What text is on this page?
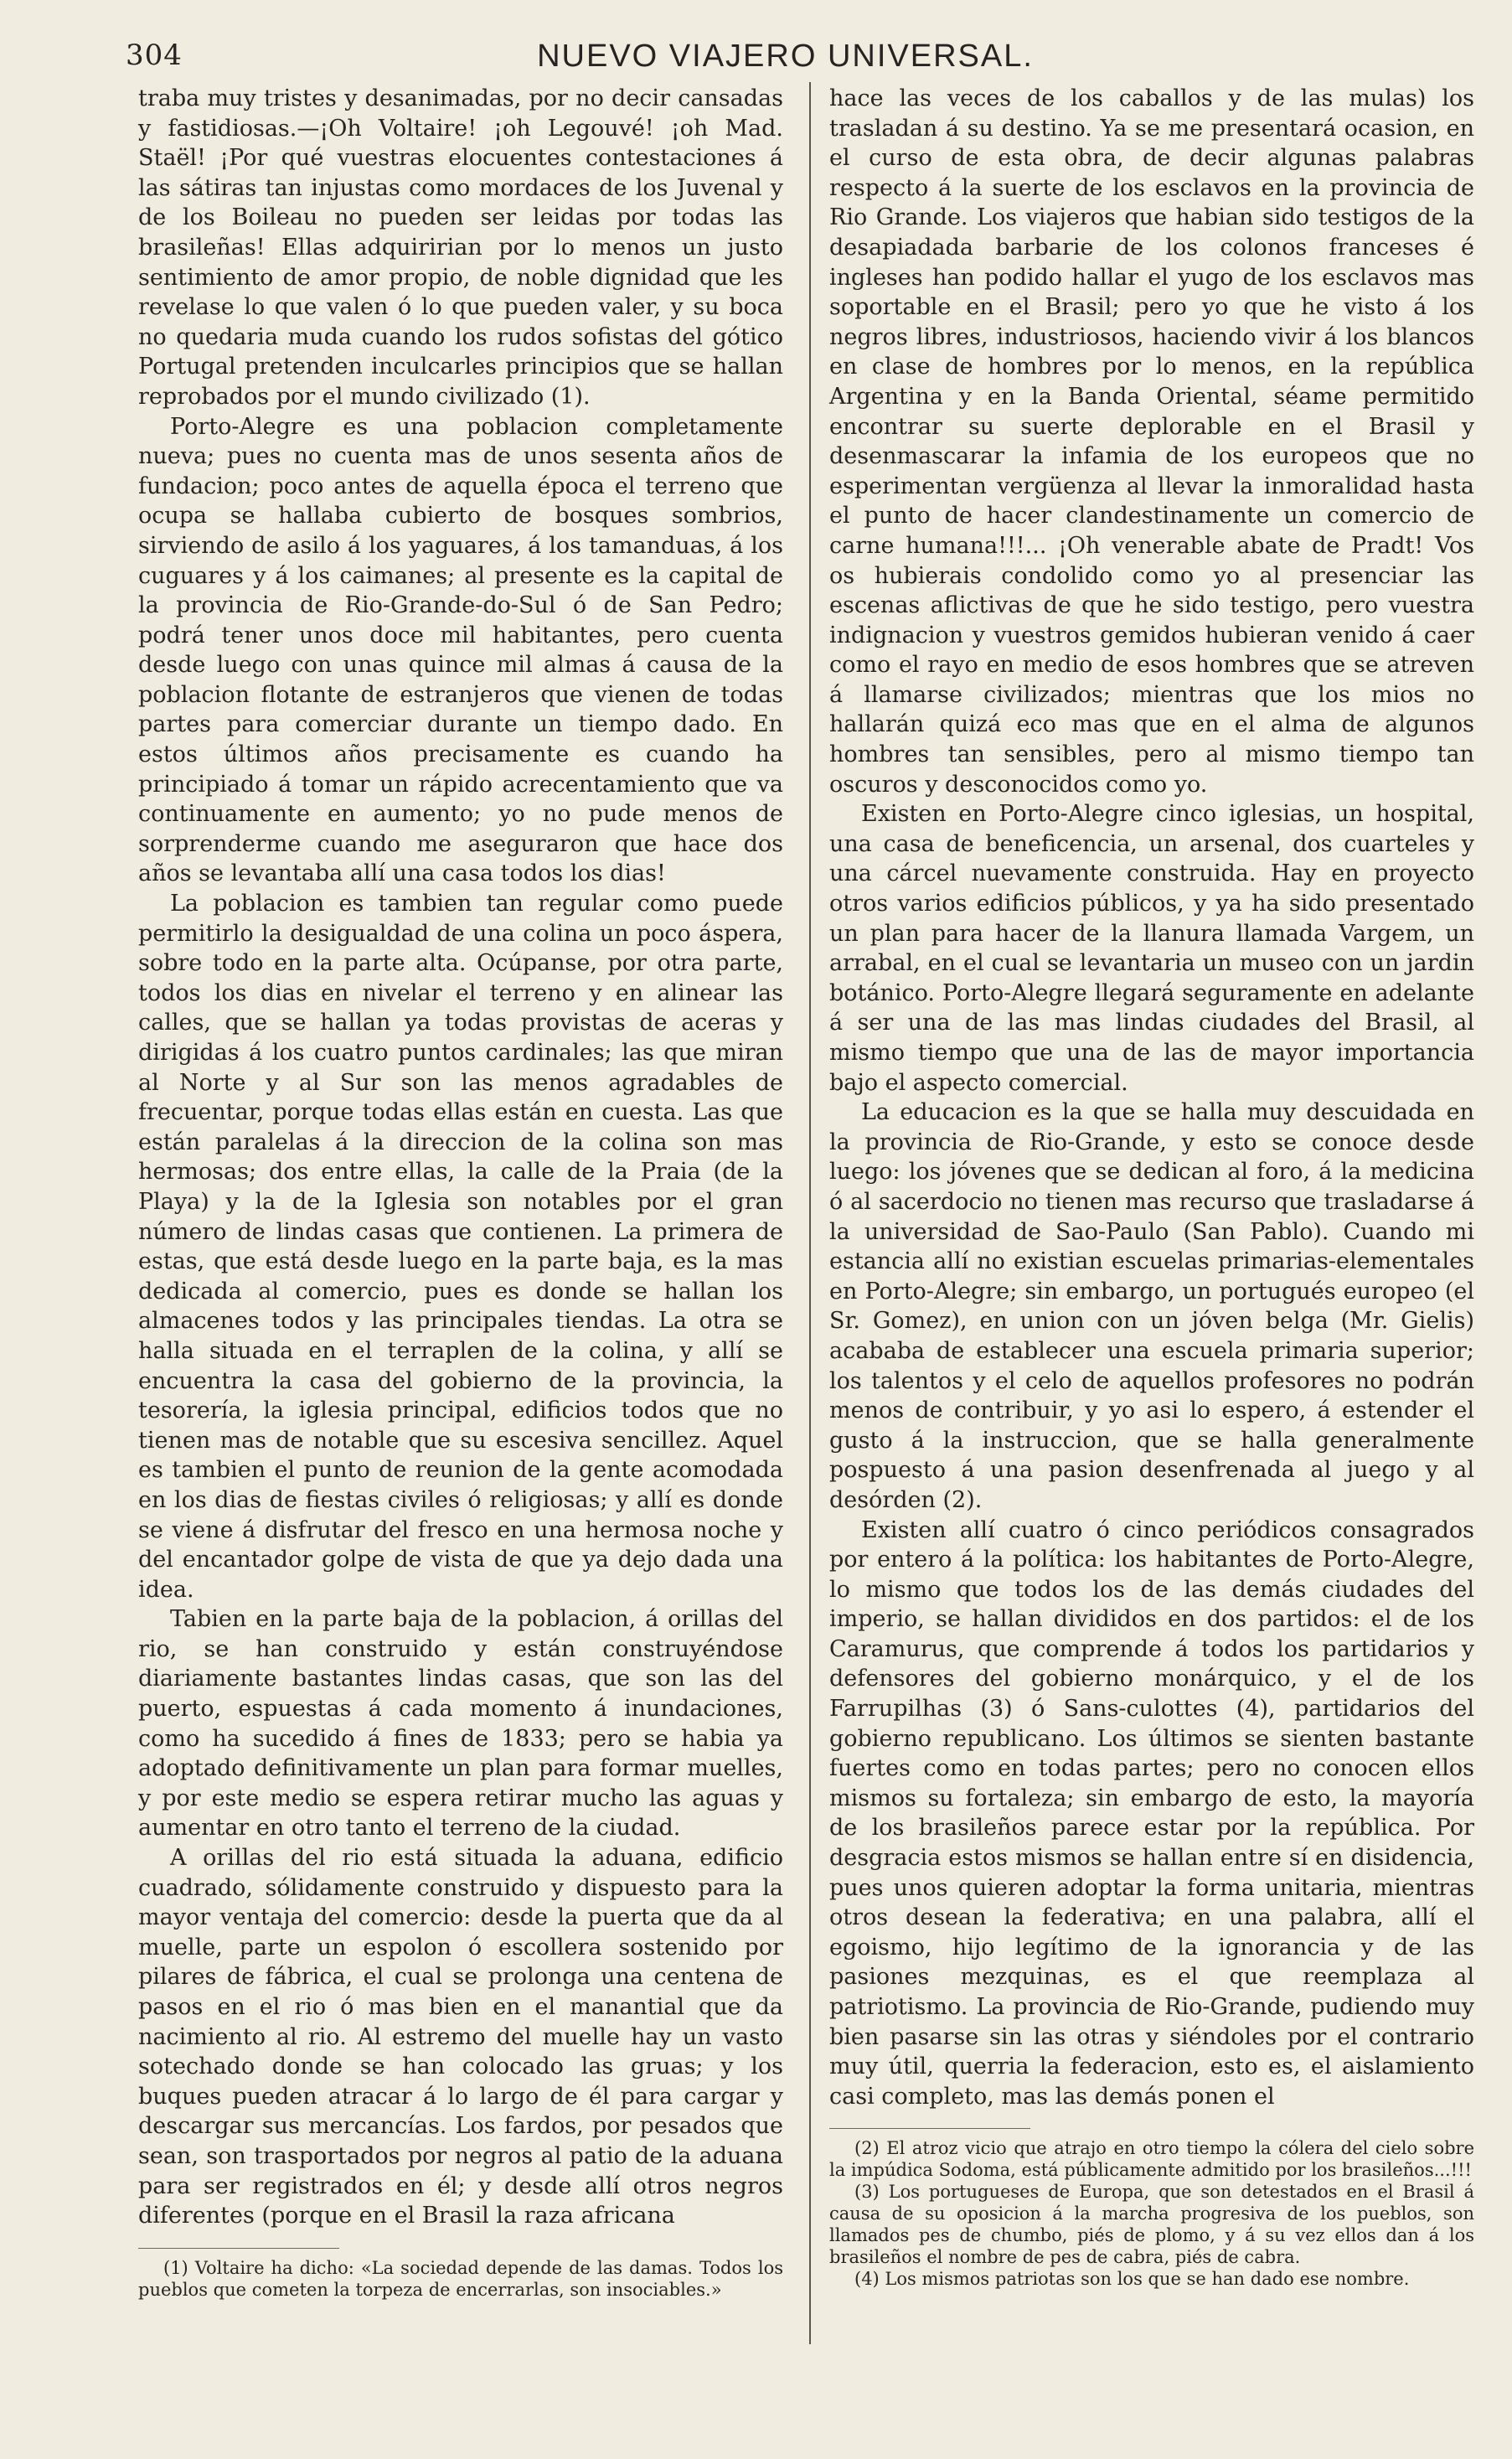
304	NUEVO VIAJERO UNIVERSAL.

traba muy tristes y desanimadas, por no decir cansadas y fastidiosas.—¡Oh Voltaire! ¡oh Legouvé! ¡oh Mad. Staël! ¡Por qué vuestras elocuentes contestaciones á las sátiras tan injustas como mordaces de los Juvenal y de los Boileau no pueden ser leidas por todas las brasileñas! Ellas adquiririan por lo menos un justo sentimiento de amor propio, de noble dignidad que les revelase lo que valen ó lo que pueden valer, y su boca no quedaria muda cuando los rudos sofistas del gótico Portugal pretenden inculcarles principios que se hallan reprobados por el mundo civilizado (1).

Porto-Alegre es una poblacion completamente nueva; pues no cuenta mas de unos sesenta años de fundacion; poco antes de aquella época el terreno que ocupa se hallaba cubierto de bosques sombrios, sirviendo de asilo á los yaguares, á los tamanduas, á los cuguares y á los caimanes; al presente es la capital de la provincia de Rio-Grande-do-Sul ó de San Pedro; podrá tener unos doce mil habitantes, pero cuenta desde luego con unas quince mil almas á causa de la poblacion flotante de estranjeros que vienen de todas partes para comerciar durante un tiempo dado. En estos últimos años precisamente es cuando ha principiado á tomar un rápido acrecentamiento que va continuamente en aumento; yo no pude menos de sorprenderme cuando me aseguraron que hace dos años se levantaba allí una casa todos los dias!

La poblacion es tambien tan regular como puede permitirlo la desigualdad de una colina un poco áspera, sobre todo en la parte alta. Ocúpanse, por otra parte, todos los dias en nivelar el terreno y en alinear las calles, que se hallan ya todas provistas de aceras y dirigidas á los cuatro puntos cardinales; las que miran al Norte y al Sur son las menos agradables de frecuentar, porque todas ellas están en cuesta. Las que están paralelas á la direccion de la colina son mas hermosas; dos entre ellas, la calle de la Praia (de la Playa) y la de la Iglesia son notables por el gran número de lindas casas que contienen. La primera de estas, que está desde luego en la parte baja, es la mas dedicada al comercio, pues es donde se hallan los almacenes todos y las principales tiendas. La otra se halla situada en el terraplen de la colina, y allí se encuentra la casa del gobierno de la provincia, la tesorería, la iglesia principal, edificios todos que no tienen mas de notable que su escesiva sencillez. Aquel es tambien el punto de reunion de la gente acomodada en los dias de fiestas civiles ó religiosas; y allí es donde se viene á disfrutar del fresco en una hermosa noche y del encantador golpe de vista de que ya dejo dada una idea.

Tabien en la parte baja de la poblacion, á orillas del rio, se han construido y están construyéndose diariamente bastantes lindas casas, que son las del puerto, espuestas á cada momento á inundaciones, como ha sucedido á fines de 1833; pero se habia ya adoptado definitivamente un plan para formar muelles, y por este medio se espera retirar mucho las aguas y aumentar en otro tanto el terreno de la ciudad.

A orillas del rio está situada la aduana, edificio cuadrado, sólidamente construido y dispuesto para la mayor ventaja del comercio: desde la puerta que da al muelle, parte un espolon ó escollera sostenido por pilares de fábrica, el cual se prolonga una centena de pasos en el rio ó mas bien en el manantial que da nacimiento al rio. Al estremo del muelle hay un vasto sotechado donde se han colocado las gruas; y los buques pueden atracar á lo largo de él para cargar y descargar sus mercancías. Los fardos, por pesados que sean, son trasportados por negros al patio de la aduana para ser registrados en él; y desde allí otros negros diferentes (porque en el Brasil la raza africana

(1) Voltaire ha dicho: «La sociedad depende de las damas. Todos los pueblos que cometen la torpeza de encerrarlas, son insociables.»

hace las veces de los caballos y de las mulas) los trasladan á su destino. Ya se me presentará ocasion, en el curso de esta obra, de decir algunas palabras respecto á la suerte de los esclavos en la provincia de Rio Grande. Los viajeros que habian sido testigos de la desapiadada barbarie de los colonos franceses é ingleses han podido hallar el yugo de los esclavos mas soportable en el Brasil; pero yo que he visto á los negros libres, industriosos, haciendo vivir á los blancos en clase de hombres por lo menos, en la república Argentina y en la Banda Oriental, séame permitido encontrar su suerte deplorable en el Brasil y desenmascarar la infamia de los europeos que no esperimentan vergüenza al llevar la inmoralidad hasta el punto de hacer clandestinamente un comercio de carne humana!!!... ¡Oh venerable abate de Pradt! Vos os hubierais condolido como yo al presenciar las escenas aflictivas de que he sido testigo, pero vuestra indignacion y vuestros gemidos hubieran venido á caer como el rayo en medio de esos hombres que se atreven á llamarse civilizados; mientras que los mios no hallarán quizá eco mas que en el alma de algunos hombres tan sensibles, pero al mismo tiempo tan oscuros y desconocidos como yo.

Existen en Porto-Alegre cinco iglesias, un hospital, una casa de beneficencia, un arsenal, dos cuarteles y una cárcel nuevamente construida. Hay en proyecto otros varios edificios públicos, y ya ha sido presentado un plan para hacer de la llanura llamada Vargem, un arrabal, en el cual se levantaria un museo con un jardin botánico. Porto-Alegre llegará seguramente en adelante á ser una de las mas lindas ciudades del Brasil, al mismo tiempo que una de las de mayor importancia bajo el aspecto comercial.

La educacion es la que se halla muy descuidada en la provincia de Rio-Grande, y esto se conoce desde luego: los jóvenes que se dedican al foro, á la medicina ó al sacerdocio no tienen mas recurso que trasladarse á la universidad de Sao-Paulo (San Pablo). Cuando mi estancia allí no existian escuelas primarias-elementales en Porto-Alegre; sin embargo, un portugués europeo (el Sr. Gomez), en union con un jóven belga (Mr. Gielis) acababa de establecer una escuela primaria superior; los talentos y el celo de aquellos profesores no podrán menos de contribuir, y yo asi lo espero, á estender el gusto á la instruccion, que se halla generalmente pospuesto á una pasion desenfrenada al juego y al desórden (2).

Existen allí cuatro ó cinco periódicos consagrados por entero á la política: los habitantes de Porto-Alegre, lo mismo que todos los de las demás ciudades del imperio, se hallan divididos en dos partidos: el de los Caramurus, que comprende á todos los partidarios y defensores del gobierno monárquico, y el de los Farrupilhas (3) ó Sans-culottes (4), partidarios del gobierno republicano. Los últimos se sienten bastante fuertes como en todas partes; pero no conocen ellos mismos su fortaleza; sin embargo de esto, la mayoría de los brasileños parece estar por la república. Por desgracia estos mismos se hallan entre sí en disidencia, pues unos quieren adoptar la forma unitaria, mientras otros desean la federativa; en una palabra, allí el egoismo, hijo legítimo de la ignorancia y de las pasiones mezquinas, es el que reemplaza al patriotismo. La provincia de Rio-Grande, pudiendo muy bien pasarse sin las otras y siéndoles por el contrario muy útil, querria la federacion, esto es, el aislamiento casi completo, mas las demás ponen el

(2) El atroz vicio que atrajo en otro tiempo la cólera del cielo sobre la impúdica Sodoma, está públicamente admitido por los brasileños...!!!

(3) Los portugueses de Europa, que son detestados en el Brasil á causa de su oposicion á la marcha progresiva de los pueblos, son llamados pes de chumbo, piés de plomo, y á su vez ellos dan á los brasileños el nombre de pes de cabra, piés de cabra.

(4) Los mismos patriotas son los que se han dado ese nombre.
